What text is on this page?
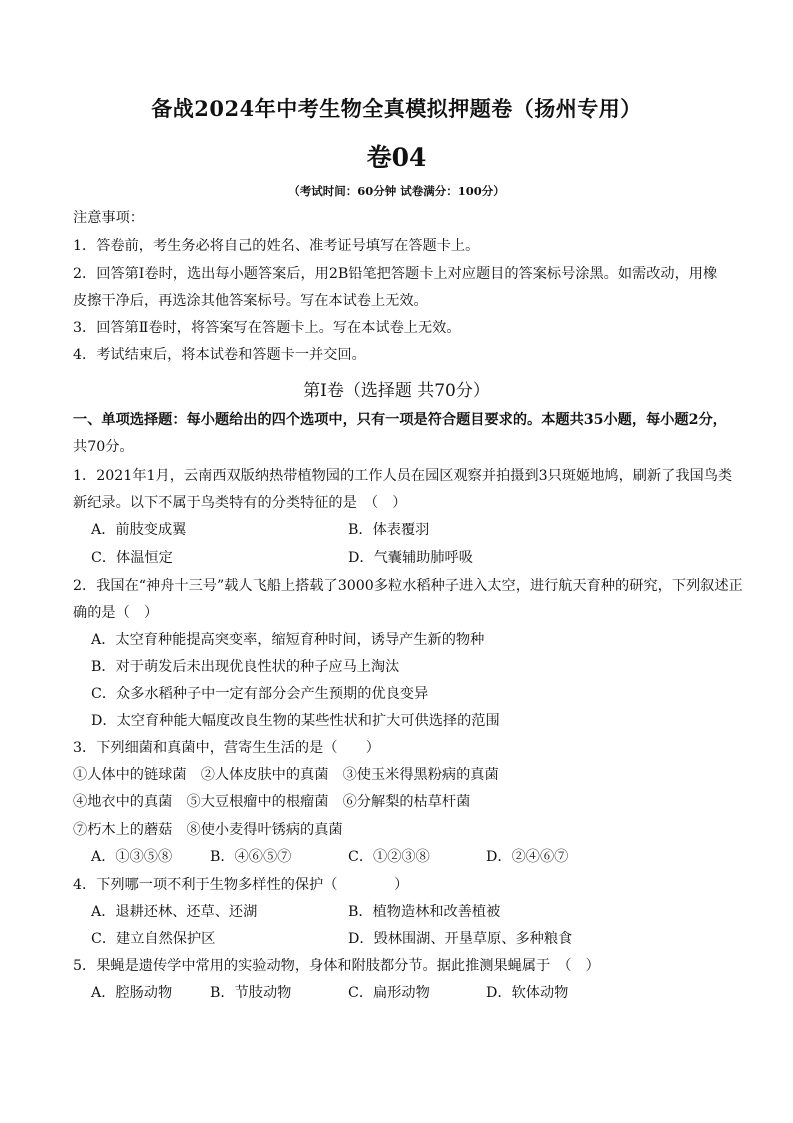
备战2024年中考生物全真模拟押题卷（扬州专用）
卷04
（考试时间：60分钟 试卷满分：100分）
注意事项：
1．答卷前，考生务必将自己的姓名、准考证号填写在答题卡上。
2．回答第Ⅰ卷时，选出每小题答案后，用2B铅笔把答题卡上对应题目的答案标号涂黑。如需改动，用橡
皮擦干净后，再选涂其他答案标号。写在本试卷上无效。
3．回答第Ⅱ卷时，将答案写在答题卡上。写在本试卷上无效。
4．考试结束后，将本试卷和答题卡一并交回。
第Ⅰ卷（选择题 共70分）
一、单项选择题：每小题给出的四个选项中，只有一项是符合题目要求的。本题共35小题，每小题2分，
共70分。
1．2021年1月，云南西双版纳热带植物园的工作人员在园区观察并拍摄到3只斑姬地鸠，刷新了我国鸟类
新纪录。以下不属于鸟类特有的分类特征的是　（　）
A．前肢变成翼	B．体表覆羽
C．体温恒定	D．气囊辅助肺呼吸
2．我国在“神舟十三号”载人飞船上搭载了3000多粒水稻种子进入太空，进行航天育种的研究，下列叙述正
确的是（　）
A．太空育种能提高突变率，缩短育种时间，诱导产生新的物种
B．对于萌发后未出现优良性状的种子应马上淘汰
C．众多水稻种子中一定有部分会产生预期的优良变异
D．太空育种能大幅度改良生物的某些性状和扩大可供选择的范围
3．下列细菌和真菌中，营寄生生活的是（　　）
①人体中的链球菌　②人体皮肤中的真菌　③使玉米得黑粉病的真菌
④地衣中的真菌　⑤大豆根瘤中的根瘤菌　⑥分解梨的枯草杆菌
⑦朽木上的蘑菇　⑧使小麦得叶锈病的真菌
A．①③⑤⑧	B．④⑥⑤⑦	C．①②③⑧	D．②④⑥⑦
4．下列哪一项不利于生物多样性的保护（　　　　）
A．退耕还林、还草、还湖	B．植物造林和改善植被
C．建立自然保护区	D．毁林围湖、开垦草原、多种粮食
5．果蝇是遗传学中常用的实验动物，身体和附肢都分节。据此推测果蝇属于　（　）
A．腔肠动物	B．节肢动物	C．扁形动物	D．软体动物
